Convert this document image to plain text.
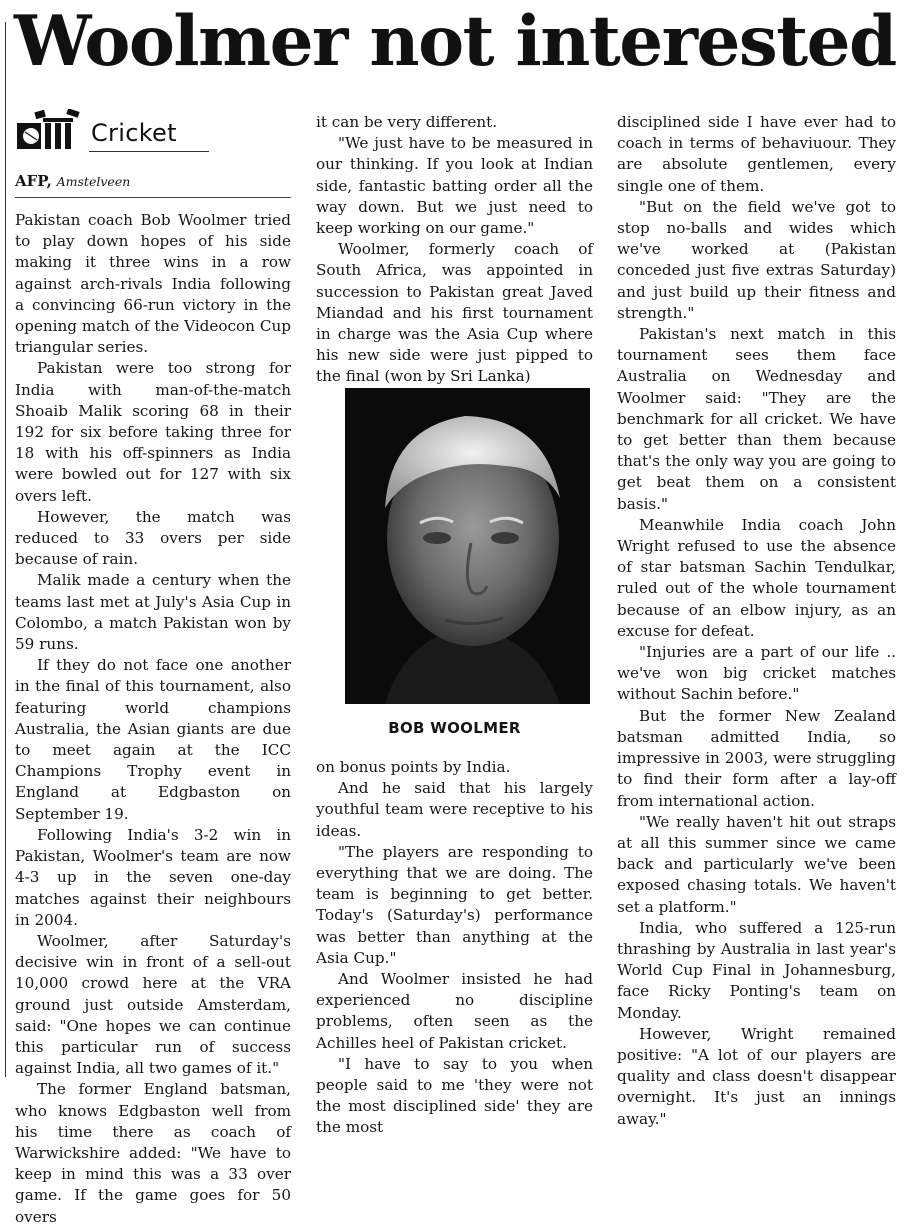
Woolmer not interested
Cricket
AFP, Amstelveen

Pakistan coach Bob Woolmer tried to play down hopes of his side making it three wins in a row against arch-rivals India following a convincing 66-run victory in the opening match of the Videocon Cup triangular series.

Pakistan were too strong for India with man-of-the-match Shoaib Malik scoring 68 in their 192 for six before taking three for 18 with his off-spinners as India were bowled out for 127 with six overs left.

However, the match was reduced to 33 overs per side because of rain.

Malik made a century when the teams last met at July's Asia Cup in Colombo, a match Pakistan won by 59 runs.

If they do not face one another in the final of this tournament, also featuring world champions Australia, the Asian giants are due to meet again at the ICC Champions Trophy event in England at Edgbaston on September 19.

Following India's 3-2 win in Pakistan, Woolmer's team are now 4-3 up in the seven one-day matches against their neighbours in 2004.

Woolmer, after Saturday's decisive win in front of a sell-out 10,000 crowd here at the VRA ground just outside Amsterdam, said: "One hopes we can continue this particular run of success against India, all two games of it."

The former England batsman, who knows Edgbaston well from his time there as coach of Warwickshire added: "We have to keep in mind this was a 33 over game. If the game goes for 50 overs

it can be very different.

"We just have to be measured in our thinking. If you look at Indian side, fantastic batting order all the way down. But we just need to keep working on our game."

Woolmer, formerly coach of South Africa, was appointed in succession to Pakistan great Javed Miandad and his first tournament in charge was the Asia Cup where his new side were just pipped to the final (won by Sri Lanka)

BOB WOOLMER

on bonus points by India.

And he said that his largely youthful team were receptive to his ideas.

"The players are responding to everything that we are doing. The team is beginning to get better. Today's (Saturday's) performance was better than anything at the Asia Cup."

And Woolmer insisted he had experienced no discipline problems, often seen as the Achilles heel of Pakistan cricket.

"I have to say to you when people said to me 'they were not the most disciplined side' they are the most

disciplined side I have ever had to coach in terms of behaviuour. They are absolute gentlemen, every single one of them.

"But on the field we've got to stop no-balls and wides which we've worked at (Pakistan conceded just five extras Saturday) and just build up their fitness and strength."

Pakistan's next match in this tournament sees them face Australia on Wednesday and Woolmer said: "They are the benchmark for all cricket. We have to get better than them because that's the only way you are going to get beat them on a consistent basis."

Meanwhile India coach John Wright refused to use the absence of star batsman Sachin Tendulkar, ruled out of the whole tournament because of an elbow injury, as an excuse for defeat.

"Injuries are a part of our life .. we've won big cricket matches without Sachin before."

But the former New Zealand batsman admitted India, so impressive in 2003, were struggling to find their form after a lay-off from international action.

"We really haven't hit out straps at all this summer since we came back and particularly we've been exposed chasing totals. We haven't set a platform."

India, who suffered a 125-run thrashing by Australia in last year's World Cup Final in Johannesburg, face Ricky Ponting's team on Monday.

However, Wright remained positive: "A lot of our players are quality and class doesn't disappear overnight. It's just an innings away."
